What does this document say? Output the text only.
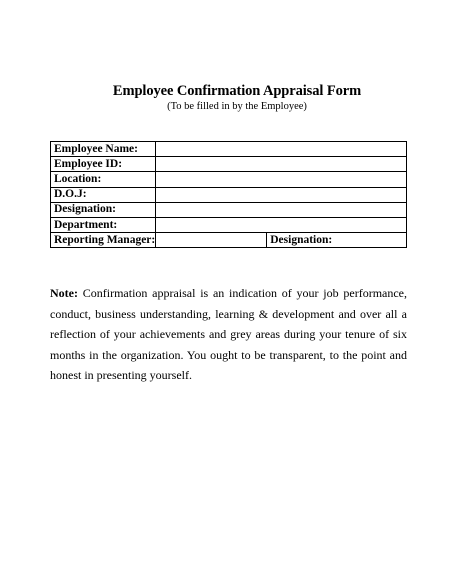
Employee Confirmation Appraisal Form
(To be filled in by the Employee)
Employee Name:		
Employee ID:		
Location:		
D.O.J:		
Designation:		
Department:		
Reporting Manager:		Designation:
Note: Confirmation appraisal is an indication of your job performance, conduct, business understanding, learning & development and over all a reflection of your achievements and grey areas during your tenure of six months in the organization. You ought to be transparent, to the point and honest in presenting yourself.
